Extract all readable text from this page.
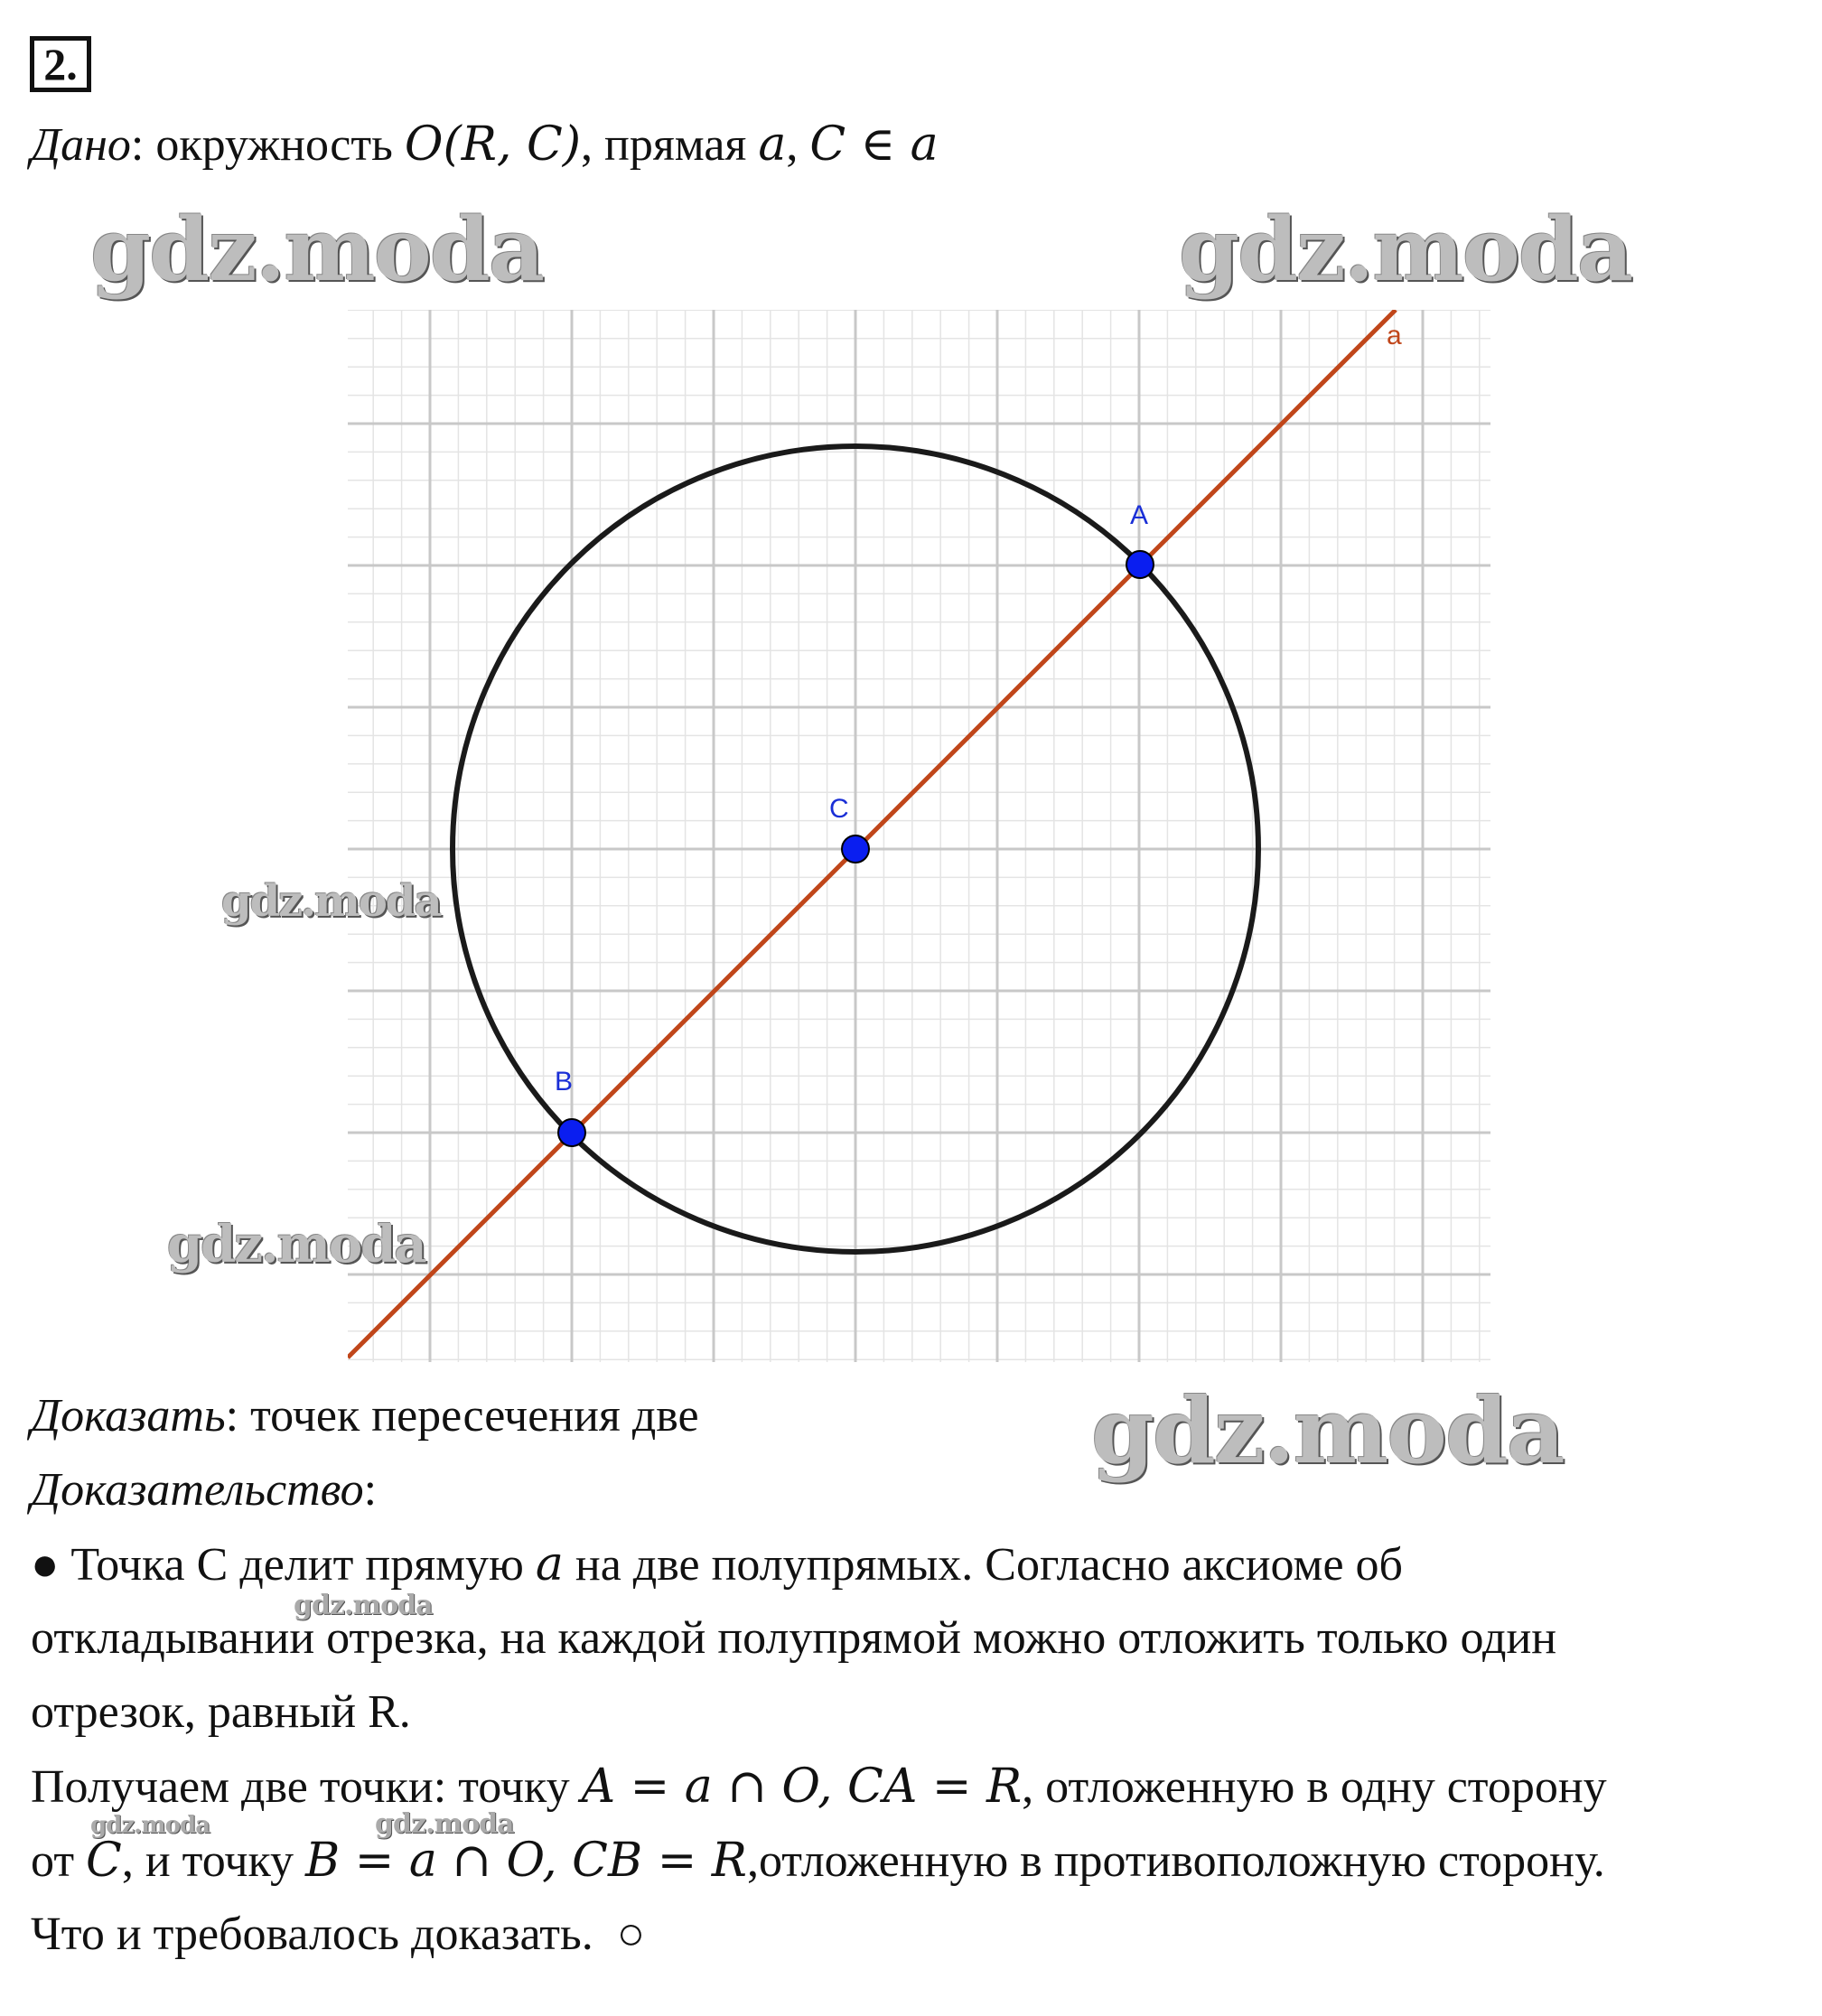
2.
Дано: окружность O(R, C), прямая a, C ∈ a
gdz.moda	gdz.moda
a
A
C
B
gdz.moda
gdz.moda
gdz.moda
Доказать: точек пересечения две
Доказательство:
● Точка С делит прямую a на две полупрямых. Согласно аксиоме об
gdz.moda
откладывании отрезка, на каждой полупрямой можно отложить только один
отрезок, равный R.
Получаем две точки: точку A = a ∩ O, CA = R, отложенную в одну сторону
gdz.moda	gdz.moda
от C, и точку B = a ∩ O, CB = R,отложенную в противоположную сторону.
Что и требовалось доказать. ○
